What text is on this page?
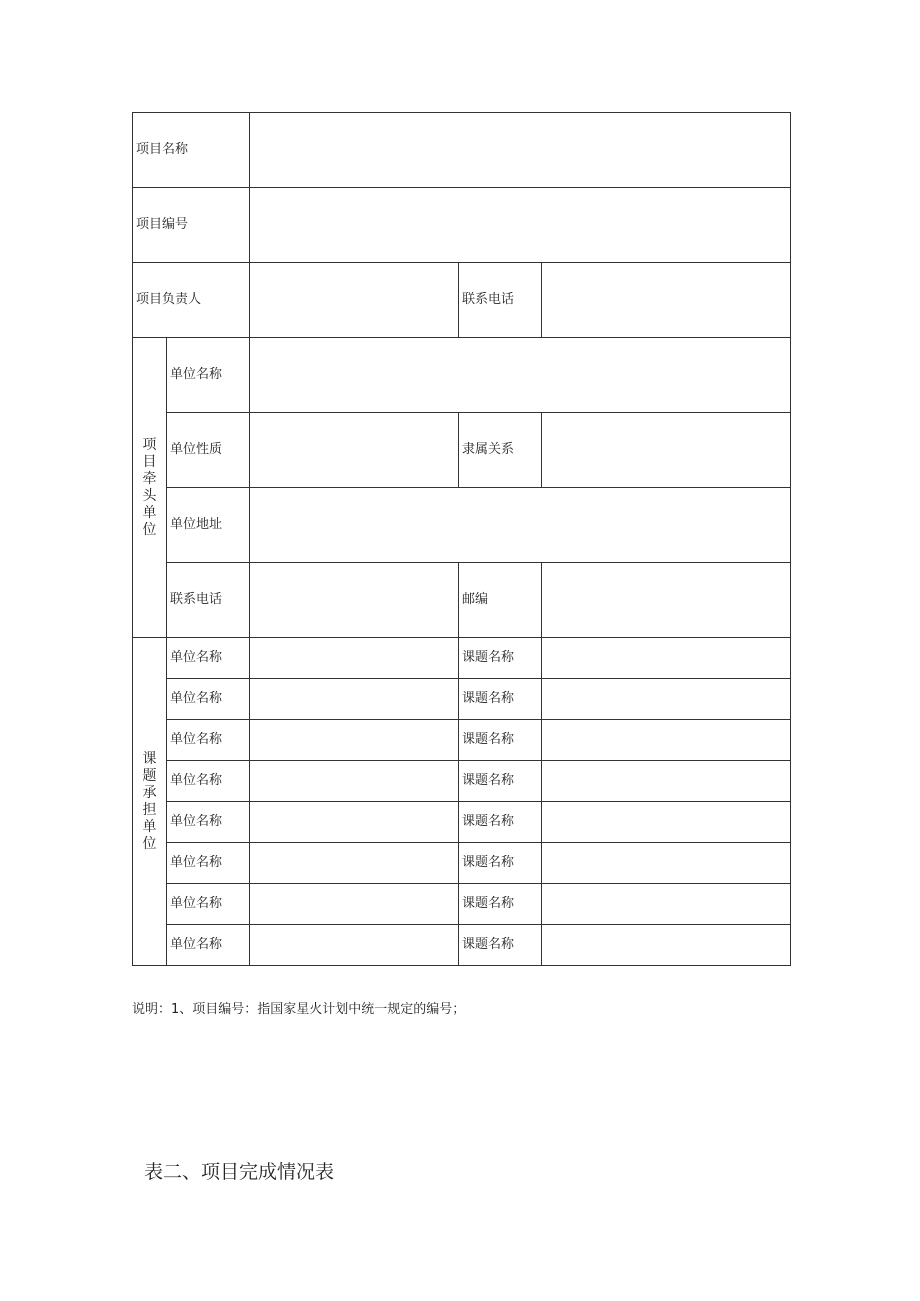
项目名称				
项目编号				
项目负责人			联系电话	
项目牵头单位	单位名称			
	单位性质		隶属关系	
	单位地址			
	联系电话		邮编	
课题承担单位	单位名称		课题名称	
	单位名称		课题名称	
	单位名称		课题名称	
	单位名称		课题名称	
	单位名称		课题名称	
	单位名称		课题名称	
	单位名称		课题名称	
	单位名称		课题名称	
说明：1、项目编号：指国家星火计划中统一规定的编号；
表二、项目完成情况表
